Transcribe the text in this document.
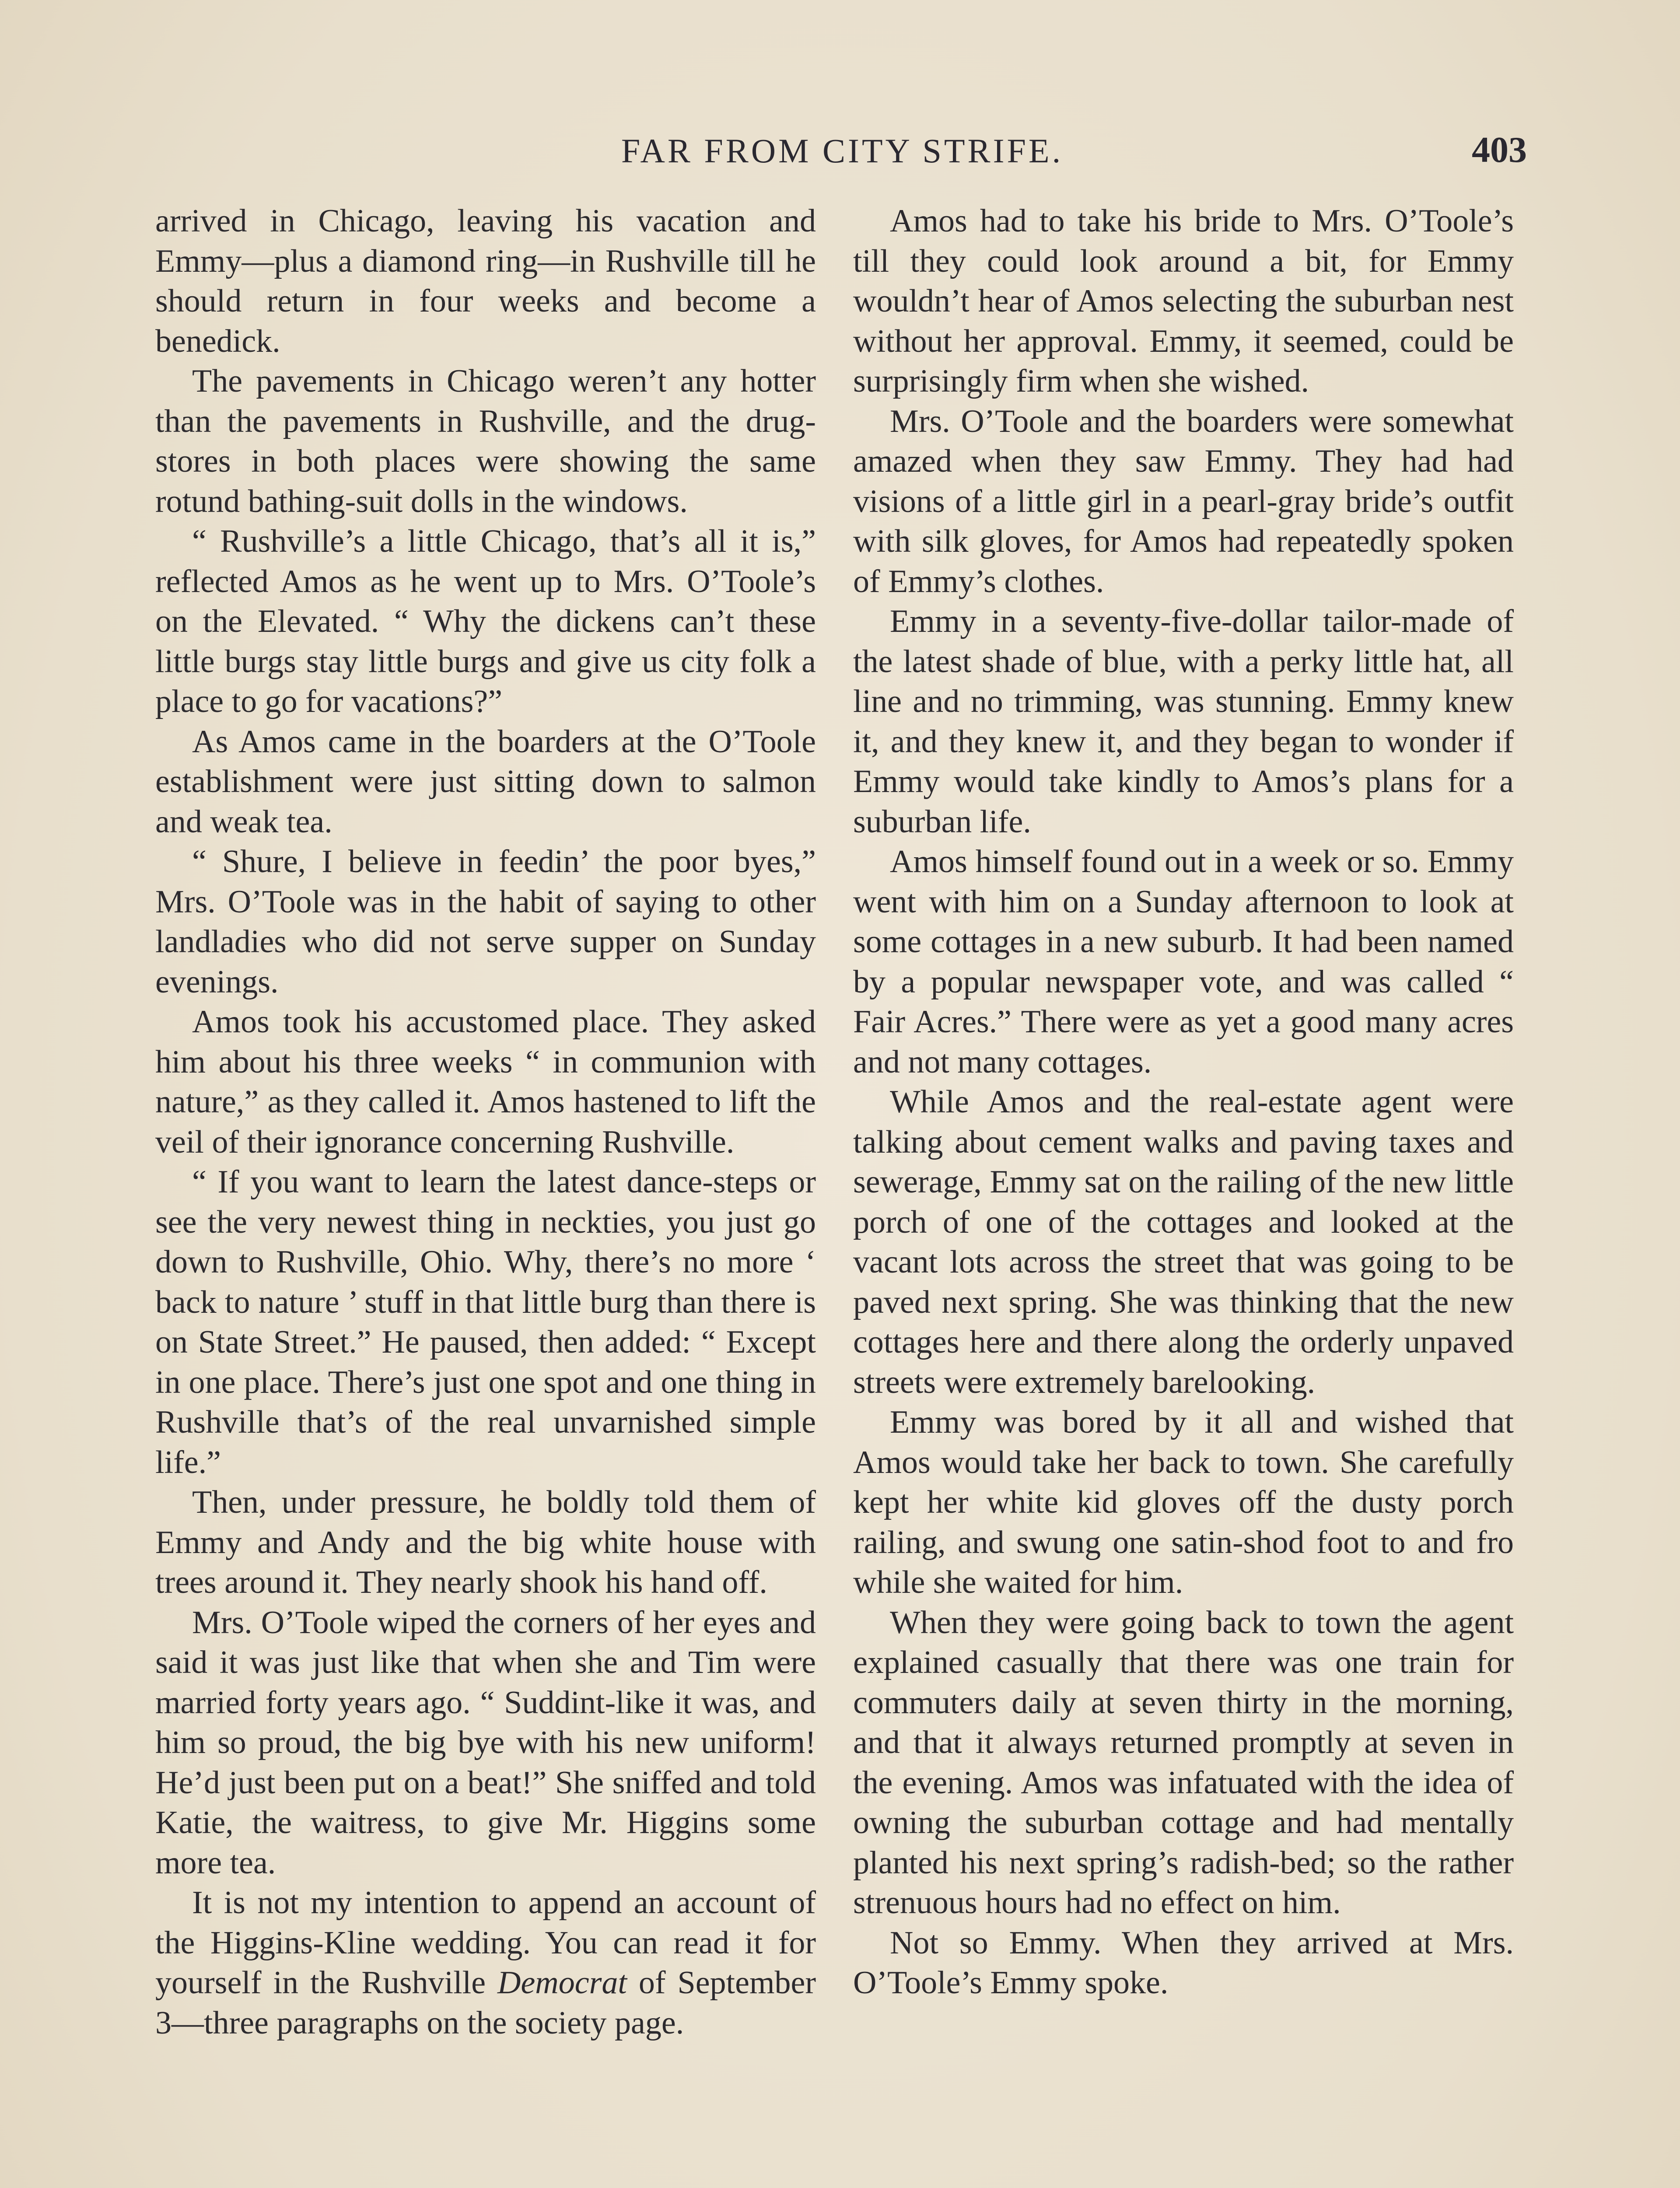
FAR FROM CITY STRIFE.	403

arrived in Chicago, leaving his vacation and Emmy—plus a diamond ring—in Rushville till he should return in four weeks and become a benedick.

The pavements in Chicago weren’t any hotter than the pavements in Rushville, and the drug-stores in both places were showing the same rotund bathing-suit dolls in the windows.

“ Rushville’s a little Chicago, that’s all it is,” reflected Amos as he went up to Mrs. O’Toole’s on the Elevated. “ Why the dickens can’t these little burgs stay little burgs and give us city folk a place to go for vacations?”

As Amos came in the boarders at the O’Toole establishment were just sitting down to salmon and weak tea.

“ Shure, I believe in feedin’ the poor byes,” Mrs. O’Toole was in the habit of saying to other landladies who did not serve supper on Sunday evenings.

Amos took his accustomed place. They asked him about his three weeks “ in communion with nature,” as they called it. Amos hastened to lift the veil of their ignorance concerning Rushville.

“ If you want to learn the latest dance-steps or see the very newest thing in neckties, you just go down to Rushville, Ohio. Why, there’s no more ‘ back to nature ’ stuff in that little burg than there is on State Street.” He paused, then added: “ Except in one place. There’s just one spot and one thing in Rushville that’s of the real unvarnished simple life.”

Then, under pressure, he boldly told them of Emmy and Andy and the big white house with trees around it. They nearly shook his hand off.

Mrs. O’Toole wiped the corners of her eyes and said it was just like that when she and Tim were married forty years ago. “ Suddint-like it was, and him so proud, the big bye with his new uniform! He’d just been put on a beat!” She sniffed and told Katie, the waitress, to give Mr. Higgins some more tea.

It is not my intention to append an account of the Higgins-Kline wedding. You can read it for yourself in the Rushville Democrat of September 3—three paragraphs on the society page.

Amos had to take his bride to Mrs. O’Toole’s till they could look around a bit, for Emmy wouldn’t hear of Amos selecting the suburban nest without her approval. Emmy, it seemed, could be surprisingly firm when she wished.

Mrs. O’Toole and the boarders were somewhat amazed when they saw Emmy. They had had visions of a little girl in a pearl-gray bride’s outfit with silk gloves, for Amos had repeatedly spoken of Emmy’s clothes.

Emmy in a seventy-five-dollar tailor-made of the latest shade of blue, with a perky little hat, all line and no trimming, was stunning. Emmy knew it, and they knew it, and they began to wonder if Emmy would take kindly to Amos’s plans for a suburban life.

Amos himself found out in a week or so. Emmy went with him on a Sunday afternoon to look at some cottages in a new suburb. It had been named by a popular newspaper vote, and was called “ Fair Acres.” There were as yet a good many acres and not many cottages.

While Amos and the real-estate agent were talking about cement walks and paving taxes and sewerage, Emmy sat on the railing of the new little porch of one of the cottages and looked at the vacant lots across the street that was going to be paved next spring. She was thinking that the new cottages here and there along the orderly unpaved streets were extremely barelooking.

Emmy was bored by it all and wished that Amos would take her back to town. She carefully kept her white kid gloves off the dusty porch railing, and swung one satin-shod foot to and fro while she waited for him.

When they were going back to town the agent explained casually that there was one train for commuters daily at seven thirty in the morning, and that it always returned promptly at seven in the evening. Amos was infatuated with the idea of owning the suburban cottage and had mentally planted his next spring’s radish-bed; so the rather strenuous hours had no effect on him.

Not so Emmy. When they arrived at Mrs. O’Toole’s Emmy spoke.
